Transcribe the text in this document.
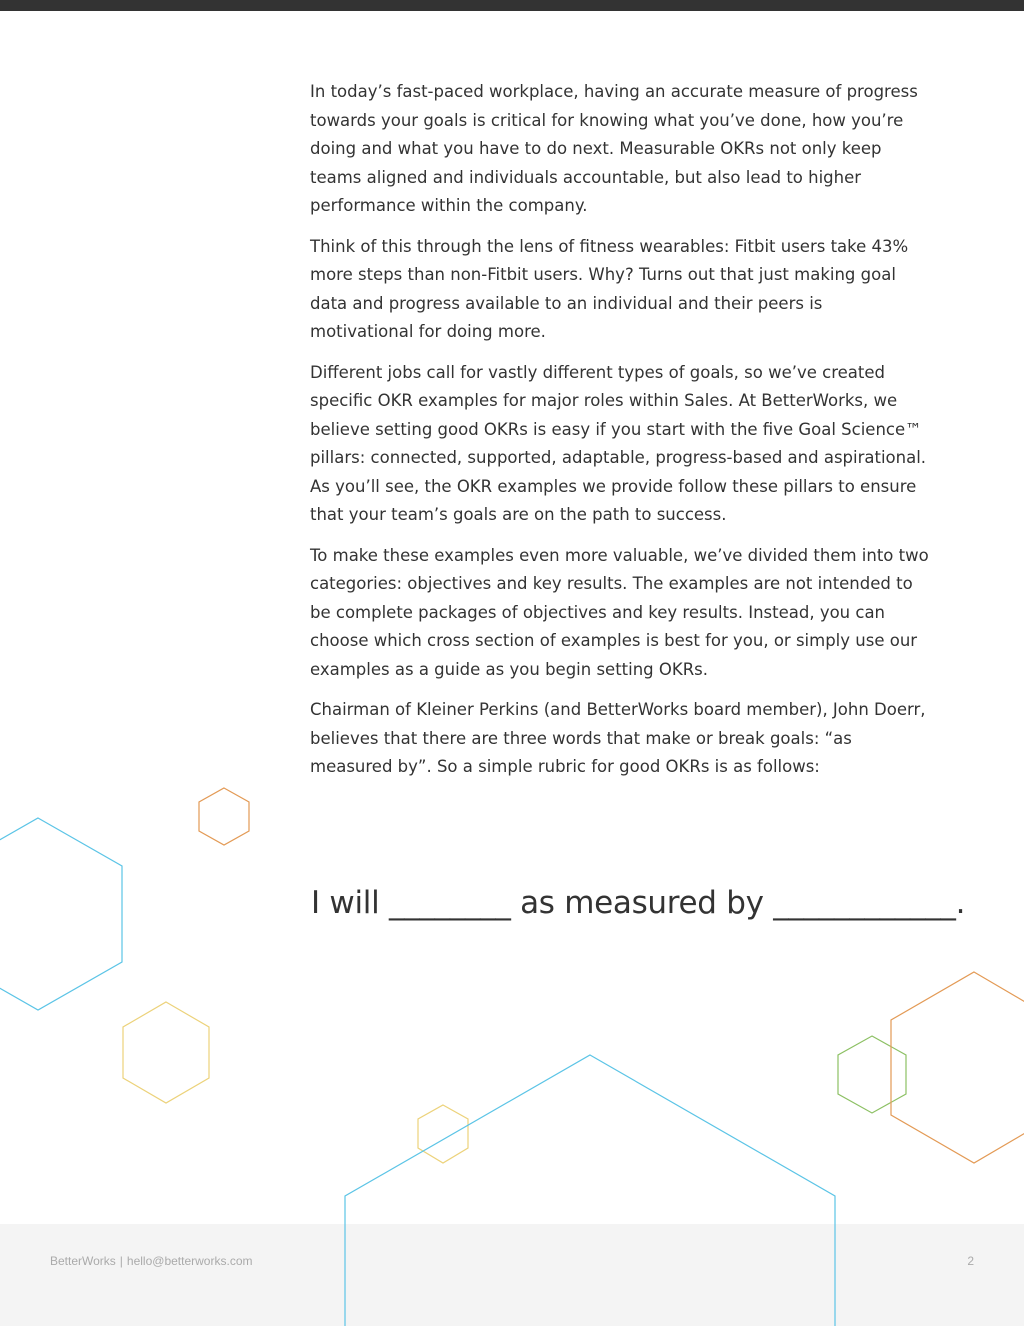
In today’s fast-paced workplace, having an accurate measure of progress towards your goals is critical for knowing what you’ve done, how you’re doing and what you have to do next. Measurable OKRs not only keep teams aligned and individuals accountable, but also lead to higher performance within the company.

Think of this through the lens of fitness wearables: Fitbit users take 43% more steps than non-Fitbit users. Why? Turns out that just making goal data and progress available to an individual and their peers is motivational for doing more.

Different jobs call for vastly different types of goals, so we’ve created specific OKR examples for major roles within Sales. At BetterWorks, we believe setting good OKRs is easy if you start with the five Goal Science™ pillars: connected, supported, adaptable, progress-based and aspirational. As you’ll see, the OKR examples we provide follow these pillars to ensure that your team’s goals are on the path to success.

To make these examples even more valuable, we’ve divided them into two categories: objectives and key results. The examples are not intended to be complete packages of objectives and key results. Instead, you can choose which cross section of examples is best for you, or simply use our examples as a guide as you begin setting OKRs.

Chairman of Kleiner Perkins (and BetterWorks board member), John Doerr, believes that there are three words that make or break goals: “as measured by”. So a simple rubric for good OKRs is as follows:

I will ________ as measured by ____________.
BetterWorks | hello@betterworks.com	2
